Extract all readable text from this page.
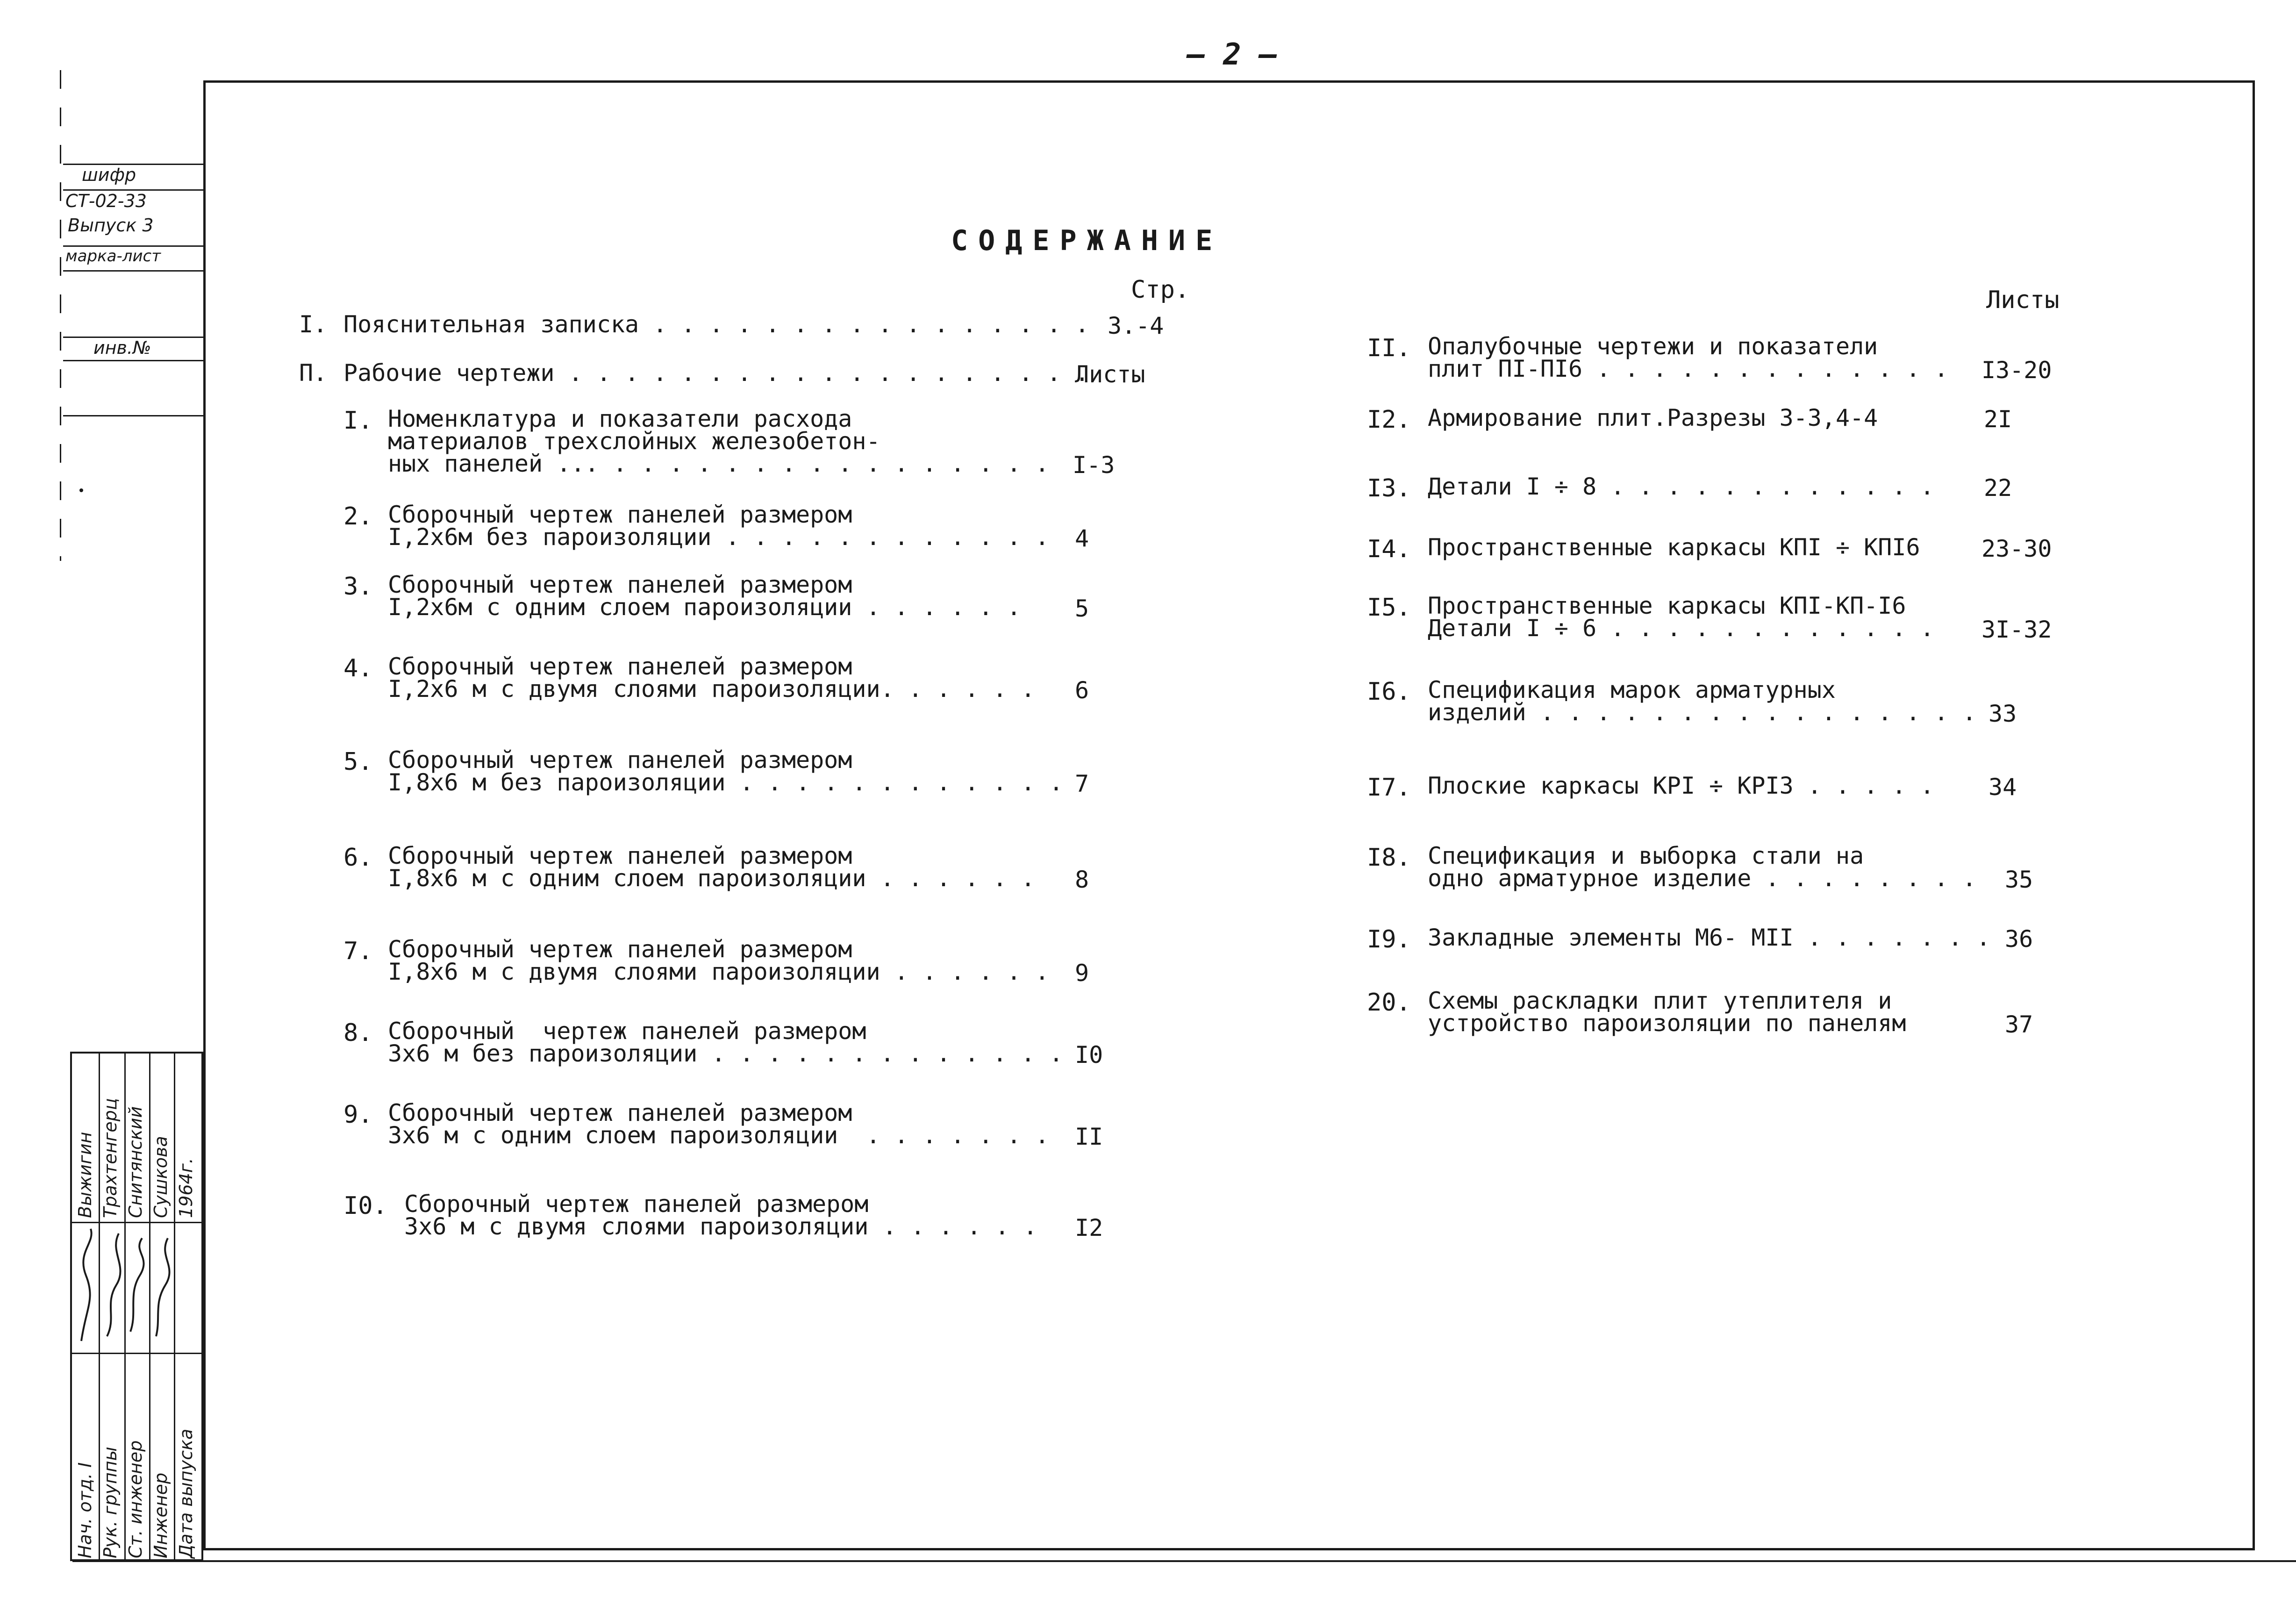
— 2 —
шифр
СТ-02-33
Выпуск 3
марка-лист
инв.№
Нач. отд. I Рук. группы Ст. инженер Инженер Дата выпуска
Выжигин Трахтенгерц Снитянский Сушкова 1964г.
СОДЕРЖАНИЕ
Стр.	Листы
I. Пояснительная записка . . . . . . . . . . . . . . . . 3.-4
П. Рабочие чертежи . . . . . . . . . . . . . . . . . . .
Листы
I. Номенклатура и показатели расхода
материалов трехслойных железобетон-
ных панелей ... . . . . . . . . . . . . . . . . I-3
2. Сборочный чертеж панелей размером
I,2х6м без пароизоляции . . . . . . . . . . . . 4
3. Сборочный чертеж панелей размером
I,2х6м с одним слоем пароизоляции . . . . . . 5
4. Сборочный чертеж панелей размером
I,2х6 м с двумя слоями пароизоляции. . . . . . 6
5. Сборочный чертеж панелей размером
I,8х6 м без пароизоляции . . . . . . . . . . . . 7
6. Сборочный чертеж панелей размером
I,8х6 м с одним слоем пароизоляции . . . . . . 8
7. Сборочный чертеж панелей размером
I,8х6 м с двумя слоями пароизоляции . . . . . . 9
8. Сборочный  чертеж панелей размером
3х6 м без пароизоляции . . . . . . . . . . . . . I0
9. Сборочный чертеж панелей размером
3х6 м с одним слоем пароизоляции  . . . . . . . II
I0. Сборочный чертеж панелей размером
3х6 м с двумя слоями пароизоляции . . . . . . I2
II. Опалубочные чертежи и показатели
плит ПI-ПI6 . . . . . . . . . . . . . I3-20
I2. Армирование плит.Разрезы 3-3,4-4	2I
I3. Детали I ÷ 8 . . . . . . . . . . . . 22
I4. Пространственные каркасы КПI ÷ КПI6	23-30
I5. Пространственные каркасы КПI-КП-I6
Детали I ÷ 6 . . . . . . . . . . . . 3I-32
I6. Спецификация марок арматурных
изделий . . . . . . . . . . . . . . . . 33
I7. Плоские каркасы КРI ÷ КРI3 . . . . . 34
I8. Спецификация и выборка стали на
одно арматурное изделие . . . . . . . . 35
I9. Закладные элементы М6- МII . . . . . . . 36
20. Схемы раскладки плит утеплителя и
устройство пароизоляции по панелям	37
